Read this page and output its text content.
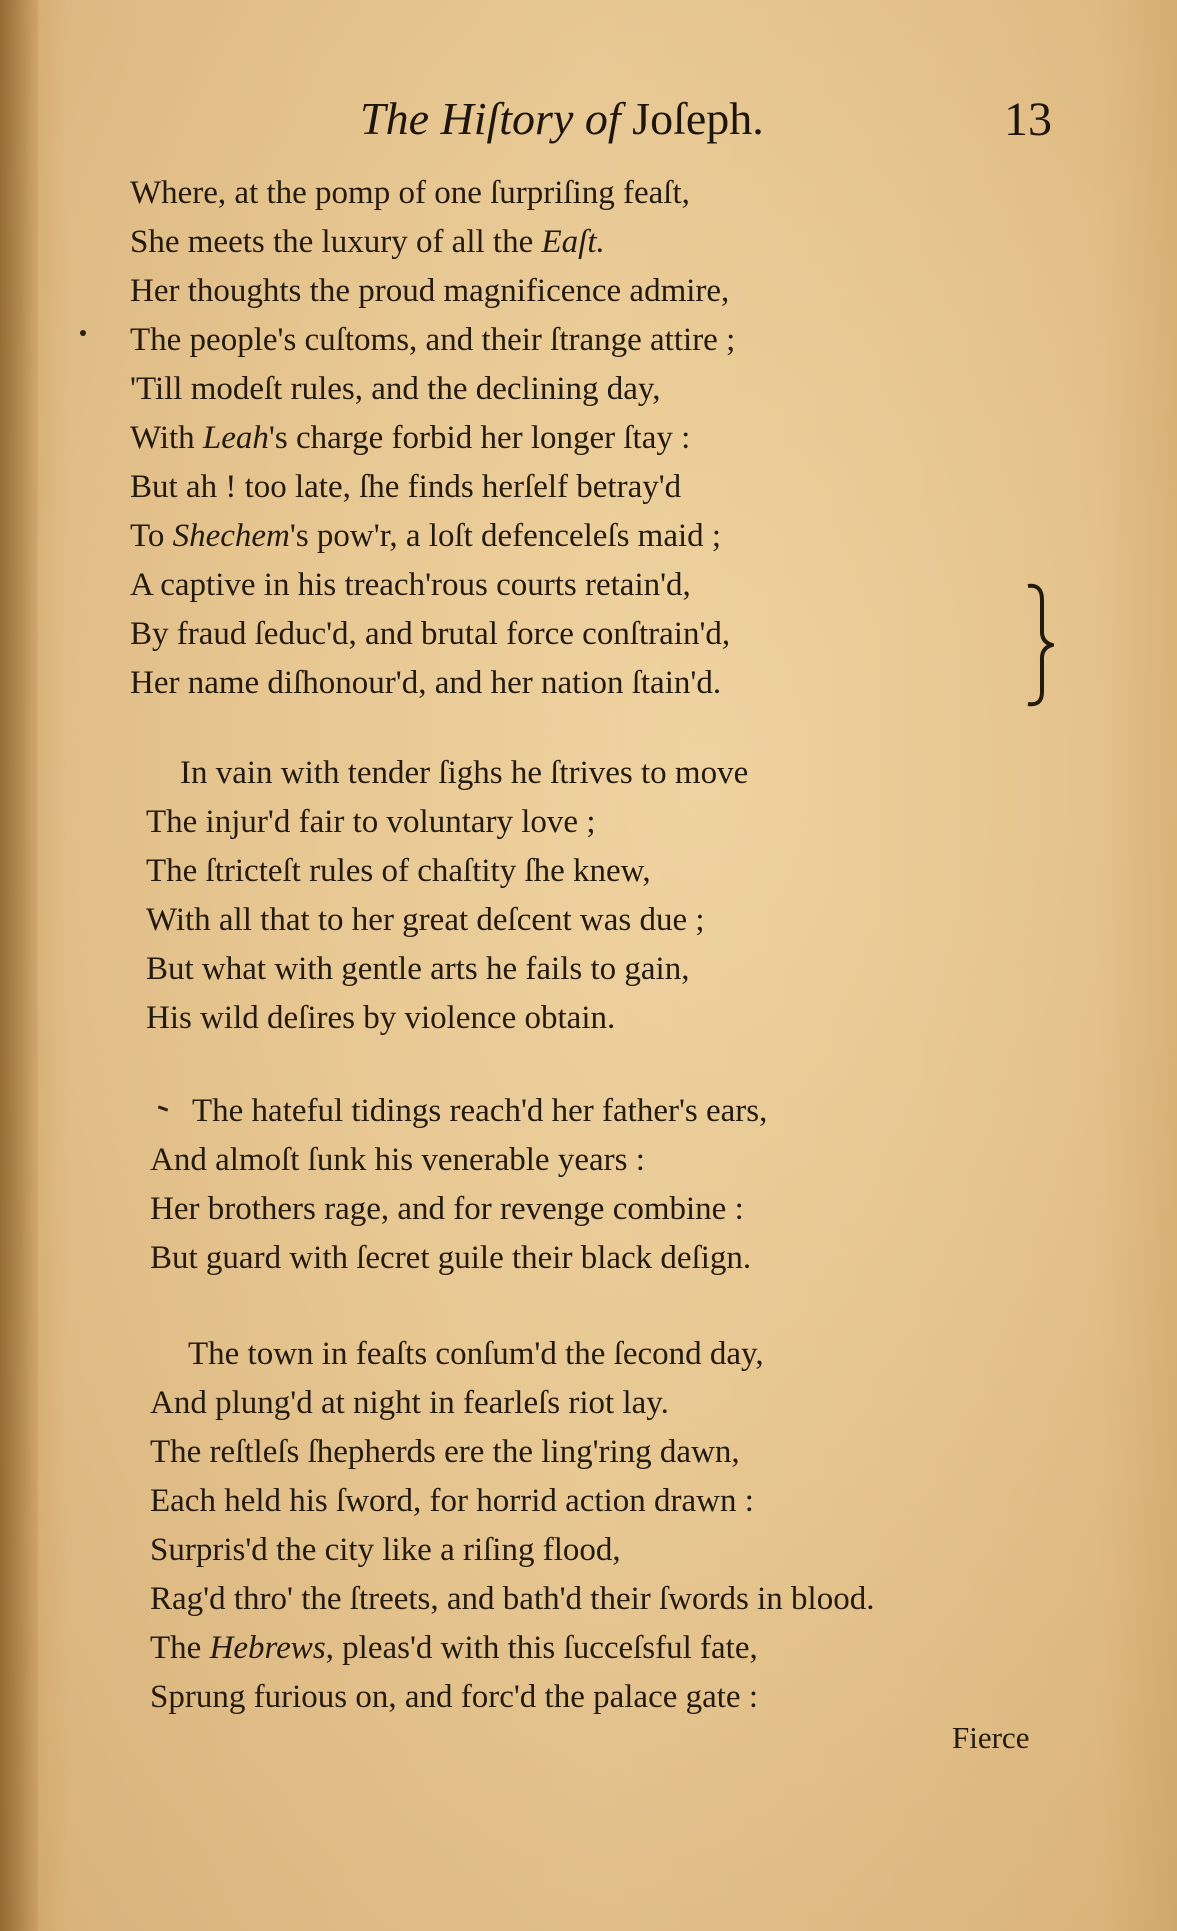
The Hiſtory of Joſeph.	13
Where, at the pomp of one ſurpriſing feaſt,
She meets the luxury of all the Eaſt.
Her thoughts the proud magnificence admire,
The people's cuſtoms, and their ſtrange attire ;
'Till modeſt rules, and the declining day,
With Leah's charge forbid her longer ſtay :
But ah ! too late, ſhe finds herſelf betray'd
To Shechem's pow'r, a loſt defenceleſs maid ;
A captive in his treach'rous courts retain'd,
By fraud ſeduc'd, and brutal force conſtrain'd,
Her name diſhonour'd, and her nation ſtain'd.
In vain with tender ſighs he ſtrives to move
The injur'd fair to voluntary love ;
The ſtricteſt rules of chaſtity ſhe knew,
With all that to her great deſcent was due ;
But what with gentle arts he fails to gain,
His wild deſires by violence obtain.
The hateful tidings reach'd her father's ears,
And almoſt ſunk his venerable years :
Her brothers rage, and for revenge combine :
But guard with ſecret guile their black deſign.
The town in feaſts conſum'd the ſecond day,
And plung'd at night in fearleſs riot lay.
The reſtleſs ſhepherds ere the ling'ring dawn,
Each held his ſword, for horrid action drawn :
Surpris'd the city like a riſing flood,
Rag'd thro' the ſtreets, and bath'd their ſwords in blood.
The Hebrews, pleas'd with this ſucceſsful fate,
Sprung furious on, and forc'd the palace gate :
Fierce
